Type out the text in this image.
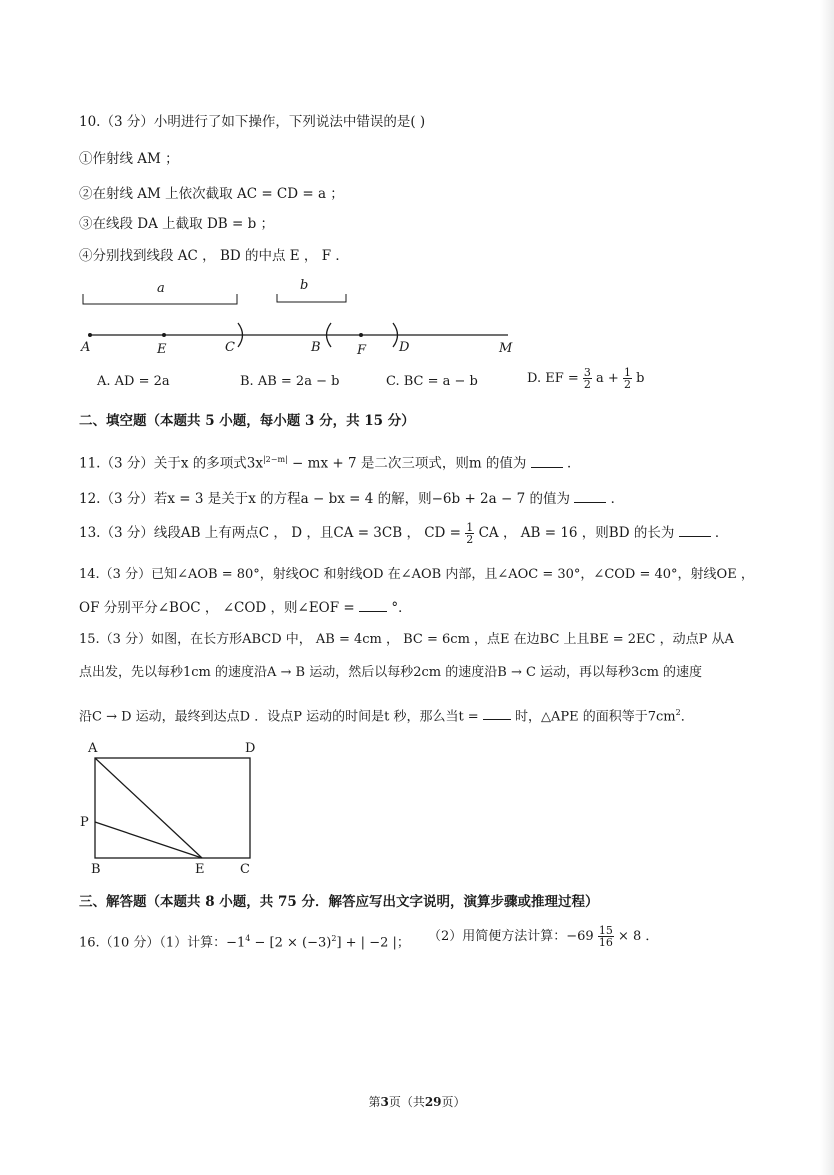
10.（3 分）小明进行了如下操作，下列说法中错误的是( )
①作射线 AM ；
②在射线 AM 上依次截取 AC = CD = a ；
③在线段 DA 上截取 DB = b ；
④分别找到线段 AC ， BD 的中点 E ， F ．
a	b
A	E	C	B	F	D	M
A. AD = 2a	B. AB = 2a − b	C. BC = a − b	D. EF = $\frac{3}{2}$ $a + \frac{1}{2}$ b
二、填空题（本题共 5 小题，每小题 3 分，共 15 分）
11.（3 分）关于x 的多项式$3x^{|2-m|}$ − mx + 7 是二次三项式，则m 的值为	．
12.（3 分）若x = 3 是关于x 的方程a − bx = 4 的解，则−6b + 2a − 7 的值为	．
13.（3 分）线段AB 上有两点C ， D ，且CA = 3CB ， CD = $\frac{1}{2}$ CA ， AB = 16 ，则BD 的长为	．
14.（3 分）已知∠AOB = 80°，射线OC 和射线OD 在∠AOB 内部，且∠AOC = 30°，∠COD = 40°，射线OE ，
OF 分别平分∠BOC ， ∠COD ，则∠EOF =	°．
15.（3 分）如图，在长方形ABCD 中， AB = 4cm ， BC = 6cm ，点E 在边BC 上且BE = 2EC ，动点P 从A
点出发，先以每秒1cm 的速度沿A → B 运动，然后以每秒2cm 的速度沿B → C 运动，再以每秒3cm 的速度
沿C → D 运动，最终到达点D ．设点P 运动的时间是t 秒，那么当t =	时，△APE 的面积等于$7cm^2$．
A	D
P
B	E	C
三、解答题（本题共 8 小题，共 75 分．解答应写出文字说明，演算步骤或推理过程）
16.（10 分）（1）计算：$-1^4 - [2 \times (-3)^2]$ + | −2 |； （2）用简便方法计算：$-69 \frac{15}{16} \times 8$ ．
第3页（共29页）
